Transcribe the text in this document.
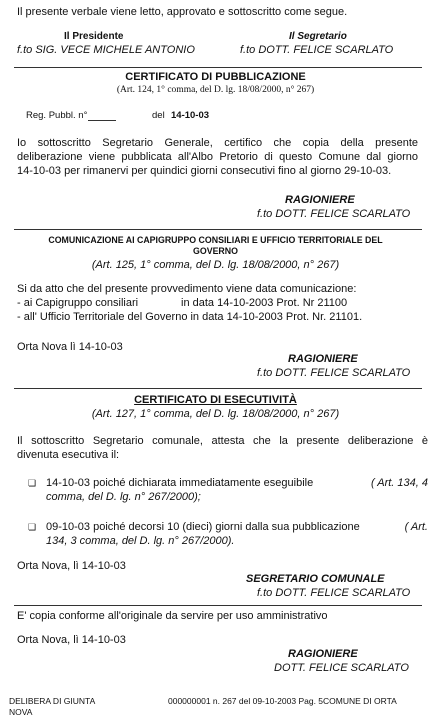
Il presente verbale viene letto, approvato e sottoscritto come segue.
Il Presidente
f.to SIG. VECE MICHELE ANTONIO
Il Segretario
f.to DOTT. FELICE SCARLATO
CERTIFICATO DI PUBBLICAZIONE
(Art. 124, 1° comma, del D. lg. 18/08/2000, n° 267)
Reg. Pubbl. n°	del 14-10-03
Io sottoscritto Segretario Generale, certifico che copia della presente
deliberazione viene pubblicata all'Albo Pretorio di questo Comune dal giorno
14-10-03 per rimanervi per quindici giorni consecutivi fino al giorno 29-10-03.
RAGIONIERE
f.to DOTT. FELICE SCARLATO
COMUNICAZIONE AI CAPIGRUPPO CONSILIARI E UFFICIO TERRITORIALE DEL
GOVERNO
(Art. 125, 1° comma, del D. lg. 18/08/2000, n° 267)
Si da atto che del presente provvedimento viene data comunicazione:
- ai Capigruppo consiliari	in data 14-10-2003 Prot. Nr 21100
- all' Ufficio Territoriale del Governo in data 14-10-2003 Prot. Nr. 21101.
Orta Nova lì 14-10-03
RAGIONIERE
f.to DOTT. FELICE SCARLATO
CERTIFICATO DI ESECUTIVITÀ
(Art. 127, 1° comma, del D. lg. 18/08/2000, n° 267)
Il sottoscritto Segretario comunale, attesta che la presente deliberazione è
divenuta esecutiva il:
❏ 14-10-03 poiché dichiarata immediatamente eseguibile	( Art. 134, 4
comma, del D. lg. n° 267/2000);
❏ 09-10-03 poiché decorsi 10 (dieci) giorni dalla sua pubblicazione	( Art.
134, 3 comma, del D. lg. n° 267/2000).
Orta Nova, lì 14-10-03
SEGRETARIO COMUNALE
f.to DOTT. FELICE SCARLATO
E' copia conforme all'originale da servire per uso amministrativo
Orta Nova, lì 14-10-03
RAGIONIERE
DOTT. FELICE SCARLATO
DELIBERA DI GIUNTA
NOVA
000000001 n. 267 del 09-10-2003 Pag. 5COMUNE DI ORTA
